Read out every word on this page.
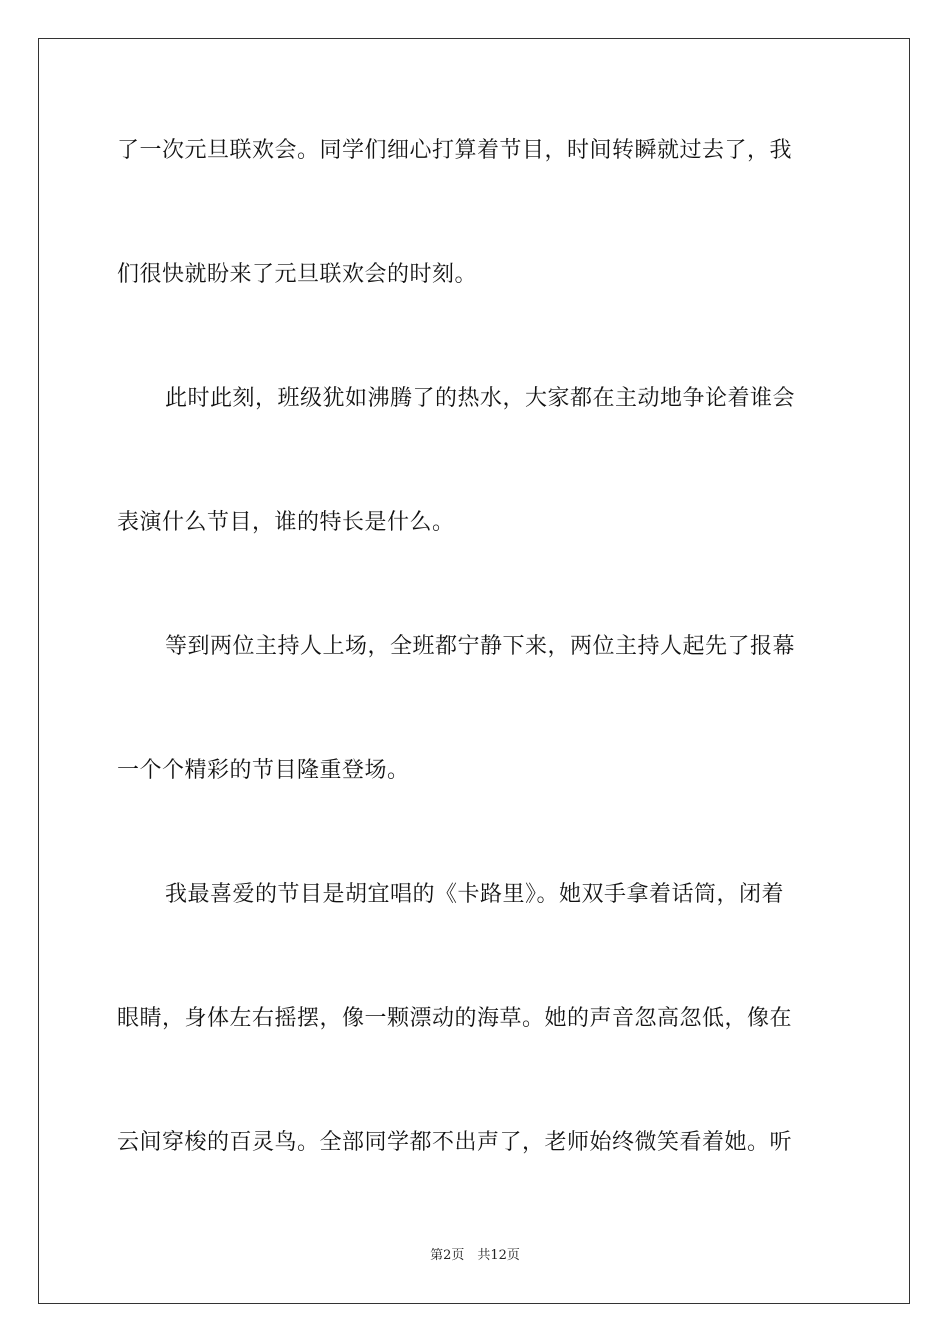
了一次元旦联欢会。同学们细心打算着节目，时间转瞬就过去了，我
们很快就盼来了元旦联欢会的时刻。
此时此刻，班级犹如沸腾了的热水，大家都在主动地争论着谁会
表演什么节目，谁的特长是什么。
等到两位主持人上场，全班都宁静下来，两位主持人起先了报幕
一个个精彩的节目隆重登场。
我最喜爱的节目是胡宜唱的《卡路里》。她双手拿着话筒，闭着
眼睛，身体左右摇摆，像一颗漂动的海草。她的声音忽高忽低，像在
云间穿梭的百灵鸟。全部同学都不出声了，老师始终微笑看着她。听
第2页　共12页
